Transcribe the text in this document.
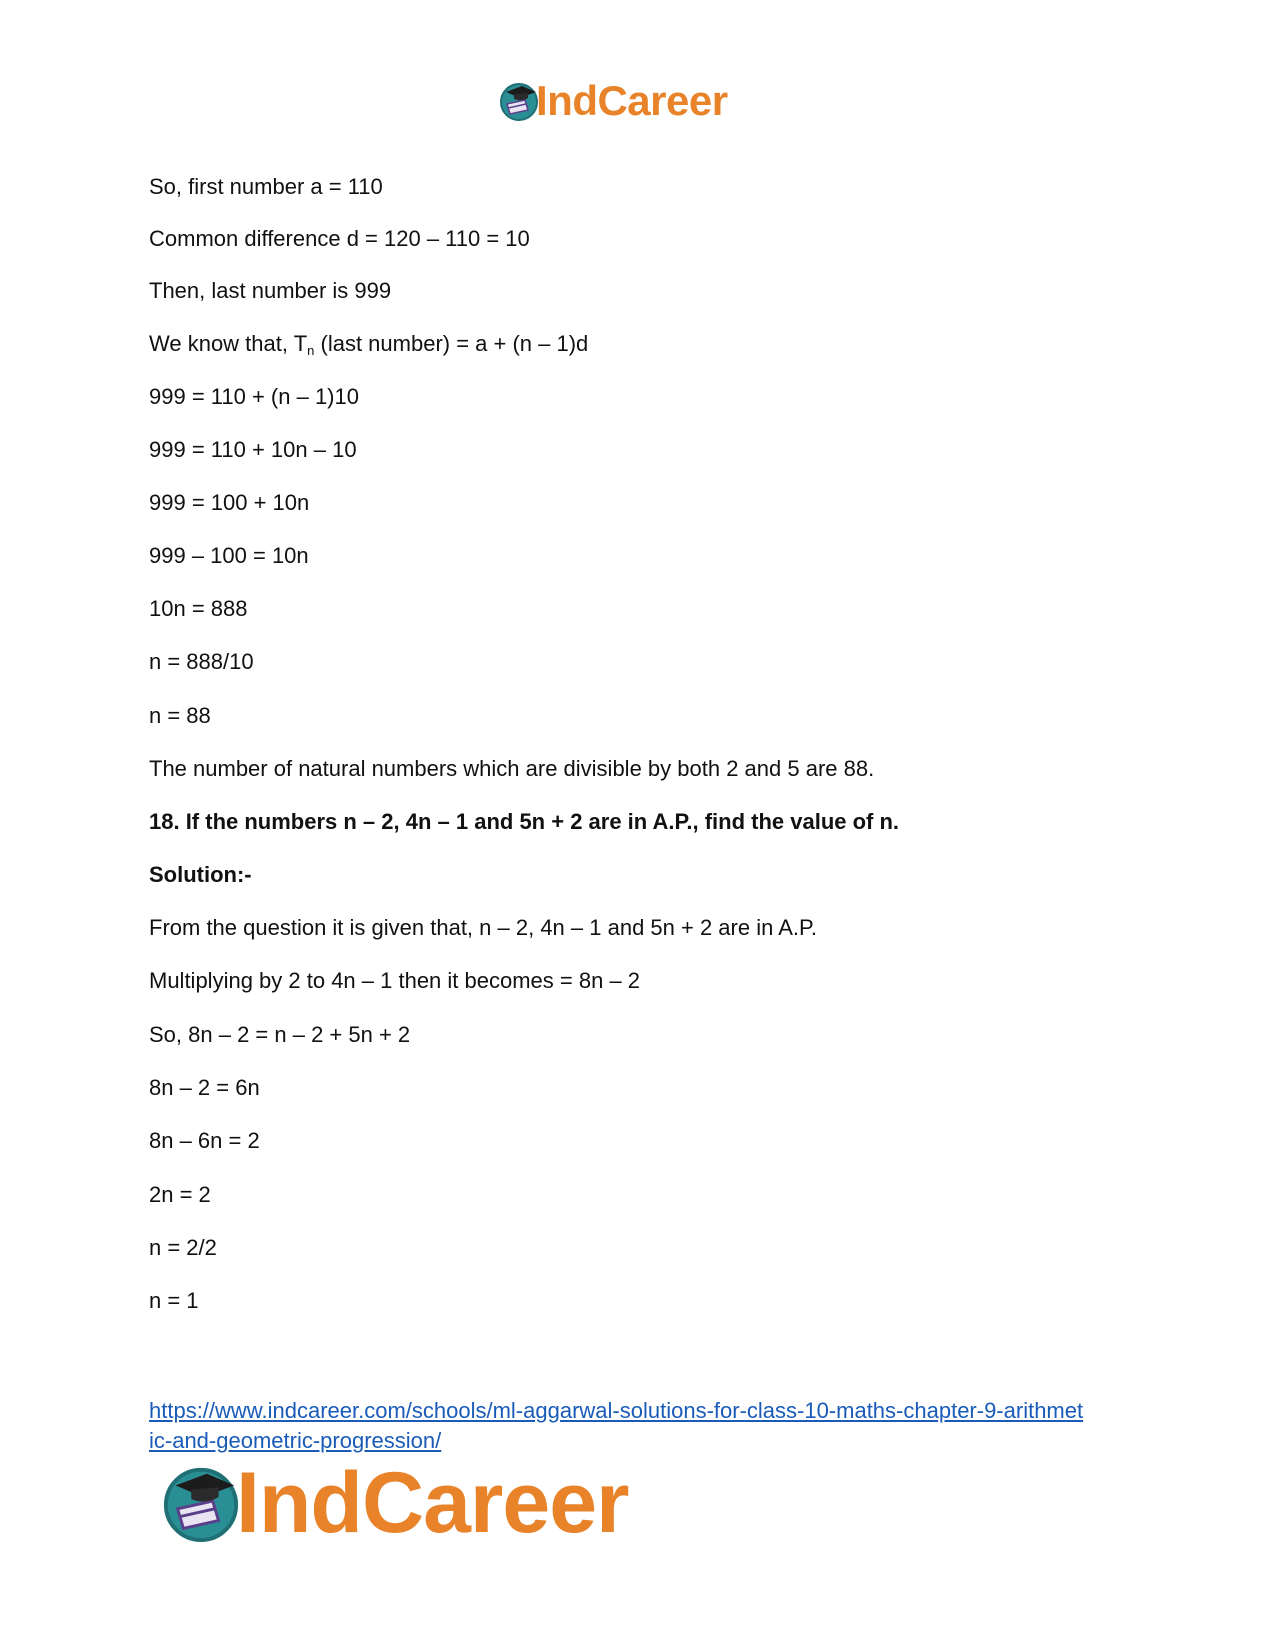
IndCareer
So, first number a = 110
Common difference d = 120 – 110 = 10
Then, last number is 999
We know that, $T_n$ (last number) = a + (n – 1)d
999 = 110 + (n – 1)10
999 = 110 + 10n – 10
999 = 100 + 10n
999 – 100 = 10n
10n = 888
n = 888/10
n = 88
The number of natural numbers which are divisible by both 2 and 5 are 88.
18. If the numbers n – 2, 4n – 1 and 5n + 2 are in A.P., find the value of n.
Solution:-
From the question it is given that, n – 2, 4n – 1 and 5n + 2 are in A.P.
Multiplying by 2 to 4n – 1 then it becomes = 8n – 2
So, 8n – 2 = n – 2 + 5n + 2
8n – 2 = 6n
8n – 6n = 2
2n = 2
n = 2/2
n = 1
https://www.indcareer.com/schools/ml-aggarwal-solutions-for-class-10-maths-chapter-9-arithmet
ic-and-geometric-progression/
IndCareer
